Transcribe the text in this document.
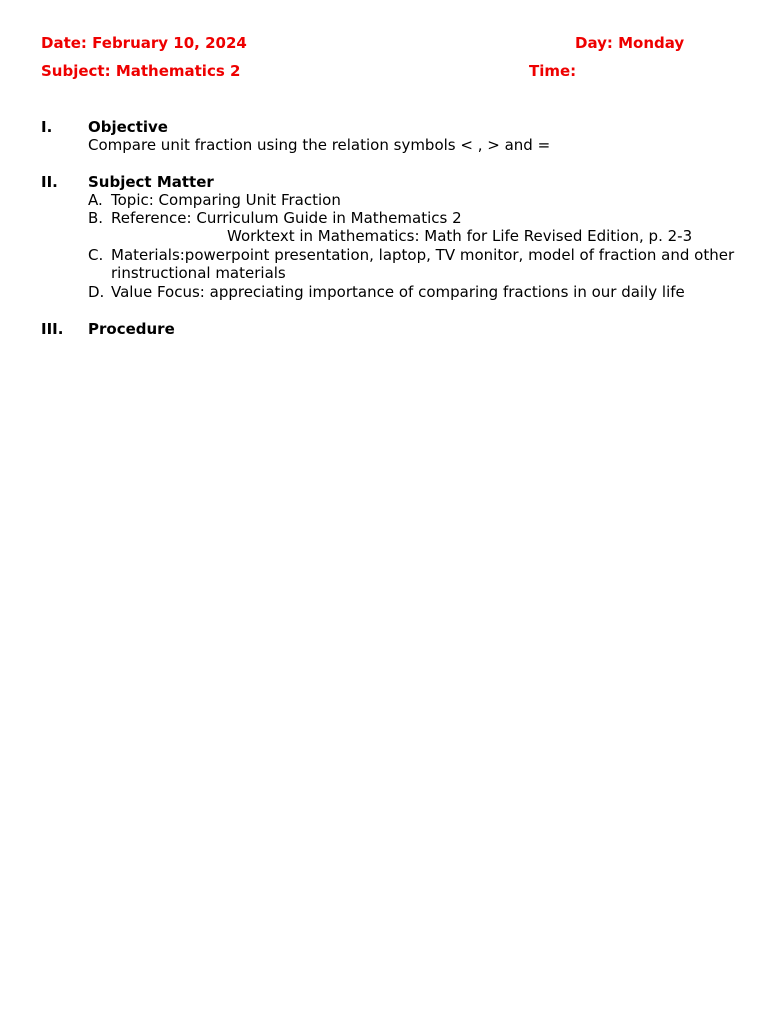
Date: February 10, 2024	Day: Monday
Subject: Mathematics 2	Time:
I. Objective
Compare unit fraction using the relation symbols < , > and =
II. Subject Matter
A. Topic: Comparing Unit Fraction
B. Reference: Curriculum Guide in Mathematics 2
Worktext in Mathematics: Math for Life Revised Edition, p. 2-3
C. Materials:powerpoint presentation, laptop, TV monitor, model of fraction and other
rinstructional materials
D. Value Focus: appreciating importance of comparing fractions in our daily life
III. Procedure
